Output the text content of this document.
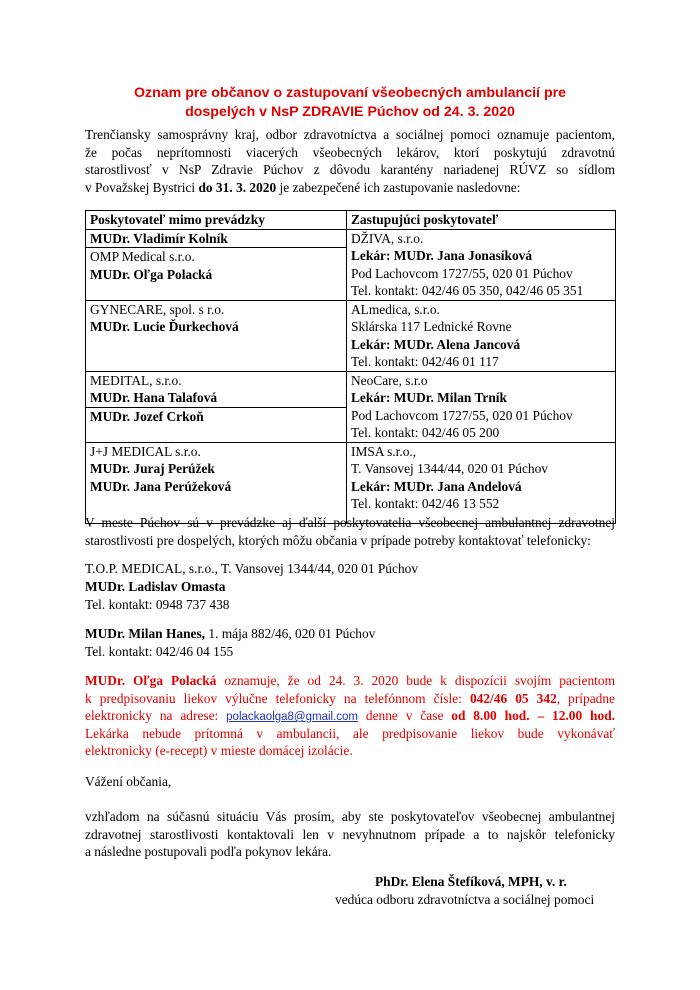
Oznam pre občanov o zastupovaní všeobecných ambulancií pre
dospelých v NsP ZDRAVIE Púchov od 24. 3. 2020
Trenčiansky samosprávny kraj, odbor zdravotníctva a sociálnej pomoci oznamuje pacientom,
že počas neprítomnosti viacerých všeobecných lekárov, ktorí poskytujú zdravotnú
starostlivosť v NsP Zdravie Púchov z dôvodu karantény nariadenej RÚVZ so sídlom
v Považskej Bystrici do 31. 3. 2020 je zabezpečené ich zastupovanie nasledovne:
Poskytovateľ mimo prevádzky	Zastupujúci poskytovateľ

MUDr. Vladimír Kolník
OMP Medical s.r.o.
MUDr. Oľga Polacká	DŽIVA, s.r.o.
Lekár: MUDr. Jana Jonasíková
Pod Lachovcom 1727/55, 020 01 Púchov
Tel. kontakt: 042/46 05 350, 042/46 05 351

GYNECARE, spol. s r.o.
MUDr. Lucie Ďurkechová	ALmedica, s.r.o.
Sklárska 117 Lednické Rovne
Lekár: MUDr. Alena Jancová
Tel. kontakt: 042/46 01 117

MEDITAL, s.r.o.
MUDr. Hana Talafová
MUDr. Jozef Crkoň	NeoCare, s.r.o
Lekár: MUDr. Milan Trník
Pod Lachovcom 1727/55, 020 01 Púchov
Tel. kontakt: 042/46 05 200

J+J MEDICAL s.r.o.
MUDr. Juraj Perúžek
MUDr. Jana Perúžeková	IMSA s.r.o.,
T. Vansovej 1344/44, 020 01 Púchov
Lekár: MUDr. Jana Andelová
Tel. kontakt: 042/46 13 552
V meste Púchov sú v prevádzke aj ďalší poskytovatelia všeobecnej ambulantnej zdravotnej
starostlivosti pre dospelých, ktorých môžu občania v prípade potreby kontaktovať telefonicky:
T.O.P. MEDICAL, s.r.o., T. Vansovej 1344/44, 020 01 Púchov
MUDr. Ladislav Omasta
Tel. kontakt: 0948 737 438
MUDr. Milan Hanes, 1. mája 882/46, 020 01 Púchov
Tel. kontakt: 042/46 04 155
MUDr. Oľga Polacká oznamuje, že od 24. 3. 2020 bude k dispozícii svojím pacientom
k predpisovaniu liekov výlučne telefonicky na telefónnom čísle: 042/46 05 342, prípadne
elektronicky na adrese: polackaolga8@gmail.com denne v čase od 8.00 hod. – 12.00 hod.
Lekárka nebude prítomná v ambulancii, ale predpisovanie liekov bude vykonávať
elektronicky (e-recept) v mieste domácej izolácie.
Vážení občania,
vzhľadom na súčasnú situáciu Vás prosím, aby ste poskytovateľov všeobecnej ambulantnej
zdravotnej starostlivosti kontaktovali len v nevyhnutnom prípade a to najskôr telefonicky
a následne postupovali podľa pokynov lekára.
PhDr. Elena Štefíková, MPH, v. r.
vedúca odboru zdravotníctva a sociálnej pomoci
